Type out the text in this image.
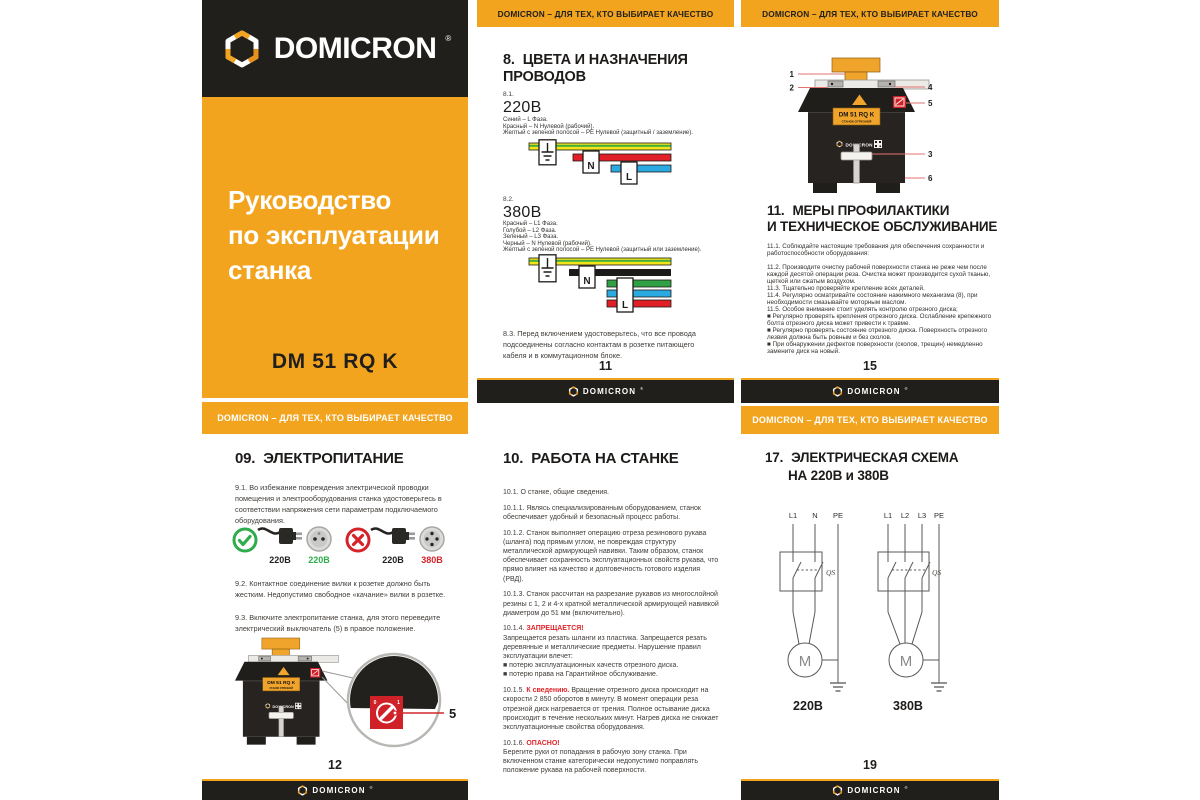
DOMICRON ®
Руководство
по эксплуатации
станка
DM 51 RQ K
DOMICRON – ДЛЯ ТЕХ, КТО ВЫБИРАЕТ КАЧЕСТВО
09. ЭЛЕКТРОПИТАНИЕ
9.1. Во избежание повреждения электрической проводки помещения и электрооборудования станка удостоверьтесь в соответствии напряжения сети параметрам подключаемого оборудования.
220В 220В	220В 380В
9.2. Контактное соединение вилки к розетке должно быть жестким. Недопустимо свободное «качание» вилки в розетке.
9.3. Включите электропитание станка, для этого переведите электрический выключатель (5) в правое положение.
0	1
5
12
DOMICRON ®
DOMICRON – ДЛЯ ТЕХ, КТО ВЫБИРАЕТ КАЧЕСТВО
8. ЦВЕТА И НАЗНАЧЕНИЯ
ПРОВОДОВ
8.1.
220В
Синий – L Фаза.
Красный – N Нулевой (рабочий).
Желтый с зеленой полосой – PE Нулевой (защитный / заземление).
N
L
8.2.
380В
Красный – L1 Фаза.
Голубой – L2 Фаза.
Зеленый – L3 Фаза.
Черный – N Нулевой (рабочий).
Желтый с зеленой полосой – PE Нулевой (защитный или заземление).
N
L
8.3. Перед включением удостоверьтесь, что все провода подсоединены согласно контактам в розетке питающего кабеля и в коммутационном блоке.
11
DOMICRON ®
10. РАБОТА НА СТАНКЕ

10.1. О станке, общие сведения.

10.1.1. Являсь специализированным оборудованием, станок обеспечивает удобный и безопасный процесс работы.

10.1.2. Станок выполняет операцию отреза резинового рукава (шланга) под прямым углом, не повреждая структуру металлической армирующей навивки. Таким образом, станок обеспечивает сохранность эксплуатационных свойств рукава, что прямо влияет на качество и долговечность готового изделия (РВД).

10.1.3. Станок рассчитан на разрезание рукавов из многослойной резины с 1, 2 и 4-х кратной металлической армирующей навивкой диаметром до 51 мм (включительно).

10.1.4. ЗАПРЕЩАЕТСЯ!
Запрещается резать шланги из пластика. Запрещается резать деревянные и металлические предметы. Нарушение правил эксплуатации влечет:

■ потерю эксплуатационных качеств отрезного диска.

■ потерю права на Гарантийное обслуживание.

10.1.5. К сведению. Вращение отрезного диска происходит на скорости 2 850 оборотов в минуту. В момент операции реза отрезной диск нагревается от трения. Полное остывание диска происходит в течение нескольких минут. Нагрев диска не снижает эксплуатационные свойства оборудования.

10.1.6. ОПАСНО!
Берегите руки от попадания в рабочую зону станка. При включенном станке категорически недопустимо поправлять положение рукава на рабочей поверхности.

DOMICRON – ДЛЯ ТЕХ, КТО ВЫБИРАЕТ КАЧЕСТВО
1
2	4
5
3
6
11. МЕРЫ ПРОФИЛАКТИКИ
И ТЕХНИЧЕСКОЕ ОБСЛУЖИВАНИЕ

11.1. Соблюдайте настоящие требования для обеспечения сохранности и работоспособности оборудования:

11.2. Производите очистку рабочей поверхности станка не реже чем после каждой десятой операции реза. Очистка может производится сухой тканью, щеткой или сжатым воздухом.

11.3. Тщательно проверяйте крепление всех деталей.

11.4. Регулярно осматривайте состояние нажимного механизма (8), при необходимости смазывайте моторным маслом.

11.5. Особое внимание стоит уделять контролю отрезного диска;

■ Регулярно проверять крепления отрезного диска. Ослабление крепежного болта отрезного диска может привести к травме.

■ Регулярно проверять состояние отрезного диска. Поверхность отрезного лезвия должна быть ровным и без сколов.

■ При обнаружении дефектов поверхности (сколов, трещин) немедленно замените диск на новый.

15
DOMICRON ®
DOMICRON – ДЛЯ ТЕХ, КТО ВЫБИРАЕТ КАЧЕСТВО
17. ЭЛЕКТРИЧЕСКАЯ СХЕМА
НА 220В и 380В
L1 N PE
QS
M
220В
L1 L2 L3 PE
QS
M
380В
19
DOMICRON ®
